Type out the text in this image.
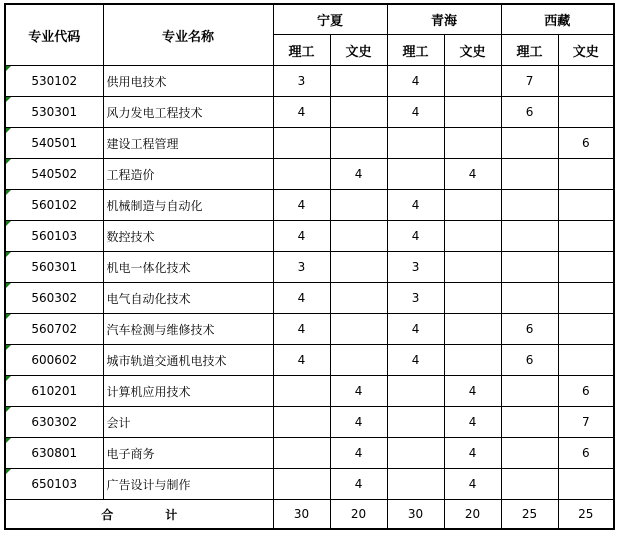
专业代码	专业名称	宁夏		青海		西藏	
		理工	文史	理工	文史	理工	文史
530102	供用电技术	3		4		7	
530301	风力发电工程技术	4		4		6	
540501	建设工程管理						6
540502	工程造价		4		4		
560102	机械制造与自动化	4		4			
560103	数控技术	4		4			
560301	机电一体化技术	3		3			
560302	电气自动化技术	4		3			
560702	汽车检测与维修技术	4		4		6	
600602	城市轨道交通机电技术	4		4		6	
610201	计算机应用技术		4		4		6
630302	会计		4		4		7
630801	电子商务		4		4		6
650103	广告设计与制作		4		4		
合 计		30	20	30	20	25	25
